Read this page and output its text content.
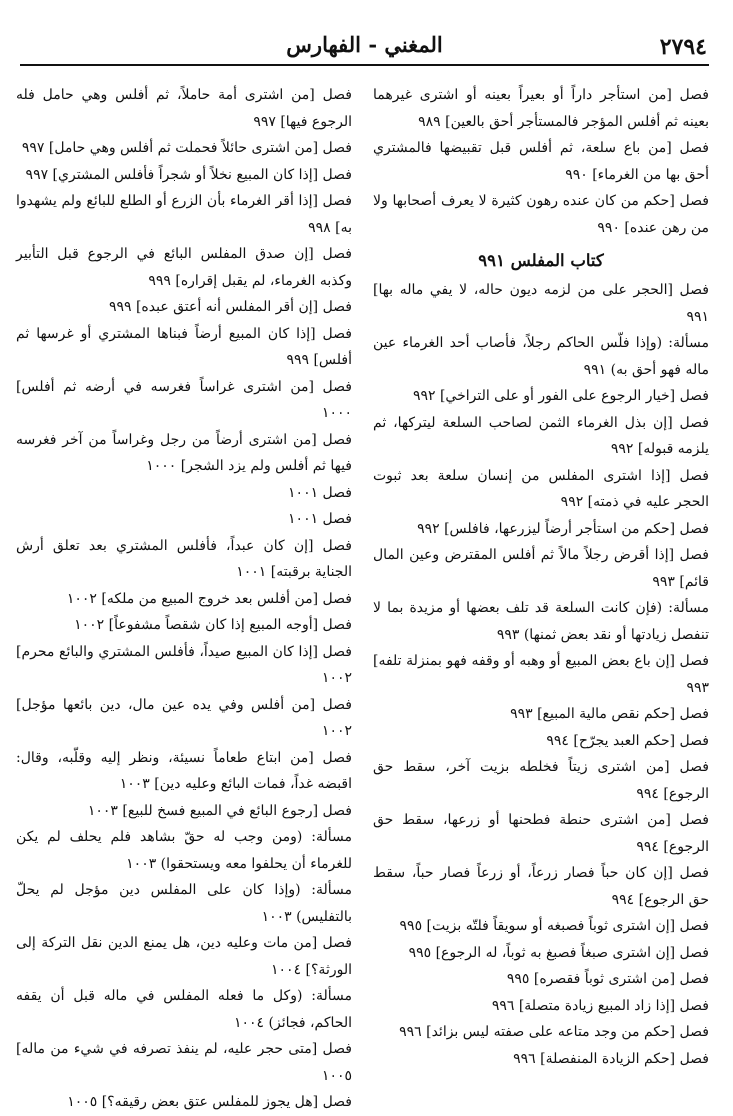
٢٧٩٤
المغني - الفهارس

فصل [من استأجر داراً أو بعيراً بعينه أو اشترى غيرهما بعينه ثم أفلس المؤجر فالمستأجر أحق بالعين] ٩٨٩

فصل [من باع سلعة، ثم أفلس قبل تقبيضها فالمشتري أحق بها من الغرماء] ٩٩٠

فصل [حكم من كان عنده رهون كثيرة لا يعرف أصحابها ولا من رهن عنده] ٩٩٠

كتاب المفلس ٩٩١

فصل [الحجر على من لزمه ديون حاله، لا يفي ماله بها] ٩٩١

مسألة: (وإذا فلّس الحاكم رجلاً، فأصاب أحد الغرماء عين ماله فهو أحق به) ٩٩١

فصل [خيار الرجوع على الفور أو على التراخي] ٩٩٢

فصل [إن بذل الغرماء الثمن لصاحب السلعة ليتركها، ثم يلزمه قبوله] ٩٩٢

فصل [إذا اشترى المفلس من إنسان سلعة بعد ثبوت الحجر عليه في ذمته] ٩٩٢

فصل [حكم من استأجر أرضاً ليزرعها، فافلس] ٩٩٢

فصل [إذا أقرض رجلاً مالاً ثم أفلس المقترض وعين المال قائم] ٩٩٣

مسألة: (فإن كانت السلعة قد تلف بعضها أو مزيدة بما لا تنفصل زيادتها أو نقد بعض ثمنها) ٩٩٣

فصل [إن باع بعض المبيع أو وهبه أو وقفه فهو بمنزلة تلفه] ٩٩٣

فصل [حكم نقص مالية المبيع] ٩٩٣

فصل [حكم العبد يجرّح] ٩٩٤

فصل [من اشترى زيتاً فخلطه بزيت آخر، سقط حق الرجوع] ٩٩٤

فصل [من اشترى حنطة فطحنها أو زرعها، سقط حق الرجوع] ٩٩٤

فصل [إن كان حباً فصار زرعاً، أو زرعاً فصار حباً، سقط حق الرجوع] ٩٩٤

فصل [إن اشترى ثوباً فصبغه أو سويقاً فلتّه بزيت] ٩٩٥

فصل [إن اشترى صبغاً فصبغ به ثوباً، له الرجوع] ٩٩٥

فصل [من اشترى ثوباً فقصره] ٩٩٥

فصل [إذا زاد المبيع زيادة متصلة] ٩٩٦

فصل [حكم من وجد متاعه على صفته ليس بزائد] ٩٩٦

فصل [حكم الزيادة المنفصلة] ٩٩٦

فصل [من اشترى أمة حاملاً، ثم أفلس وهي حامل فله الرجوع فيها] ٩٩٧

فصل [من اشترى حائلاً فحملت ثم أفلس وهي حامل] ٩٩٧

فصل [إذا كان المبيع نخلاً أو شجراً فأفلس المشتري] ٩٩٧

فصل [إذا أقر الغرماء بأن الزرع أو الطلع للبائع ولم يشهدوا به] ٩٩٨

فصل [إن صدق المفلس البائع في الرجوع قبل التأبير وكذبه الغرماء، لم يقبل إقراره] ٩٩٩

فصل [إن أقر المفلس أنه أعتق عبده] ٩٩٩

فصل [إذا كان المبيع أرضاً فبناها المشتري أو غرسها ثم أفلس] ٩٩٩

فصل [من اشترى غراساً فغرسه في أرضه ثم أفلس] ١٠٠٠

فصل [من اشترى أرضاً من رجل وغراساً من آخر فغرسه فيها ثم أفلس ولم يزد الشجر] ١٠٠٠

فصل ١٠٠١

فصل ١٠٠١

فصل [إن كان عبداً، فأفلس المشتري بعد تعلق أرش الجناية برقبته] ١٠٠١

فصل [من أفلس بعد خروج المبيع من ملكه] ١٠٠٢

فصل [أوجه المبيع إذا كان شقصاً مشفوعاً] ١٠٠٢

فصل [إذا كان المبيع صيداً، فأفلس المشتري والبائع محرم] ١٠٠٢

فصل [من أفلس وفي يده عين مال، دين بائعها مؤجل] ١٠٠٢

فصل [من ابتاع طعاماً نسيئة، ونظر إليه وقلّبه، وقال: اقبضه غداً، فمات البائع وعليه دين] ١٠٠٣

فصل [رجوع البائع في المبيع فسخ للبيع] ١٠٠٣

مسألة: (ومن وجب له حقّ بشاهد فلم يحلف لم يكن للغرماء أن يحلفوا معه ويستحقوا) ١٠٠٣

مسألة: (وإذا كان على المفلس دين مؤجل لم يحلّ بالتفليس) ١٠٠٣

فصل [من مات وعليه دين، هل يمنع الدين نقل التركة إلى الورثة؟] ١٠٠٤

مسألة: (وكل ما فعله المفلس في ماله قبل أن يقفه الحاكم، فجائز) ١٠٠٤

فصل [متى حجر عليه، لم ينفذ تصرفه في شيء من ماله] ١٠٠٥

فصل [هل يجوز للمفلس عتق بعض رقيقه؟] ١٠٠٥
